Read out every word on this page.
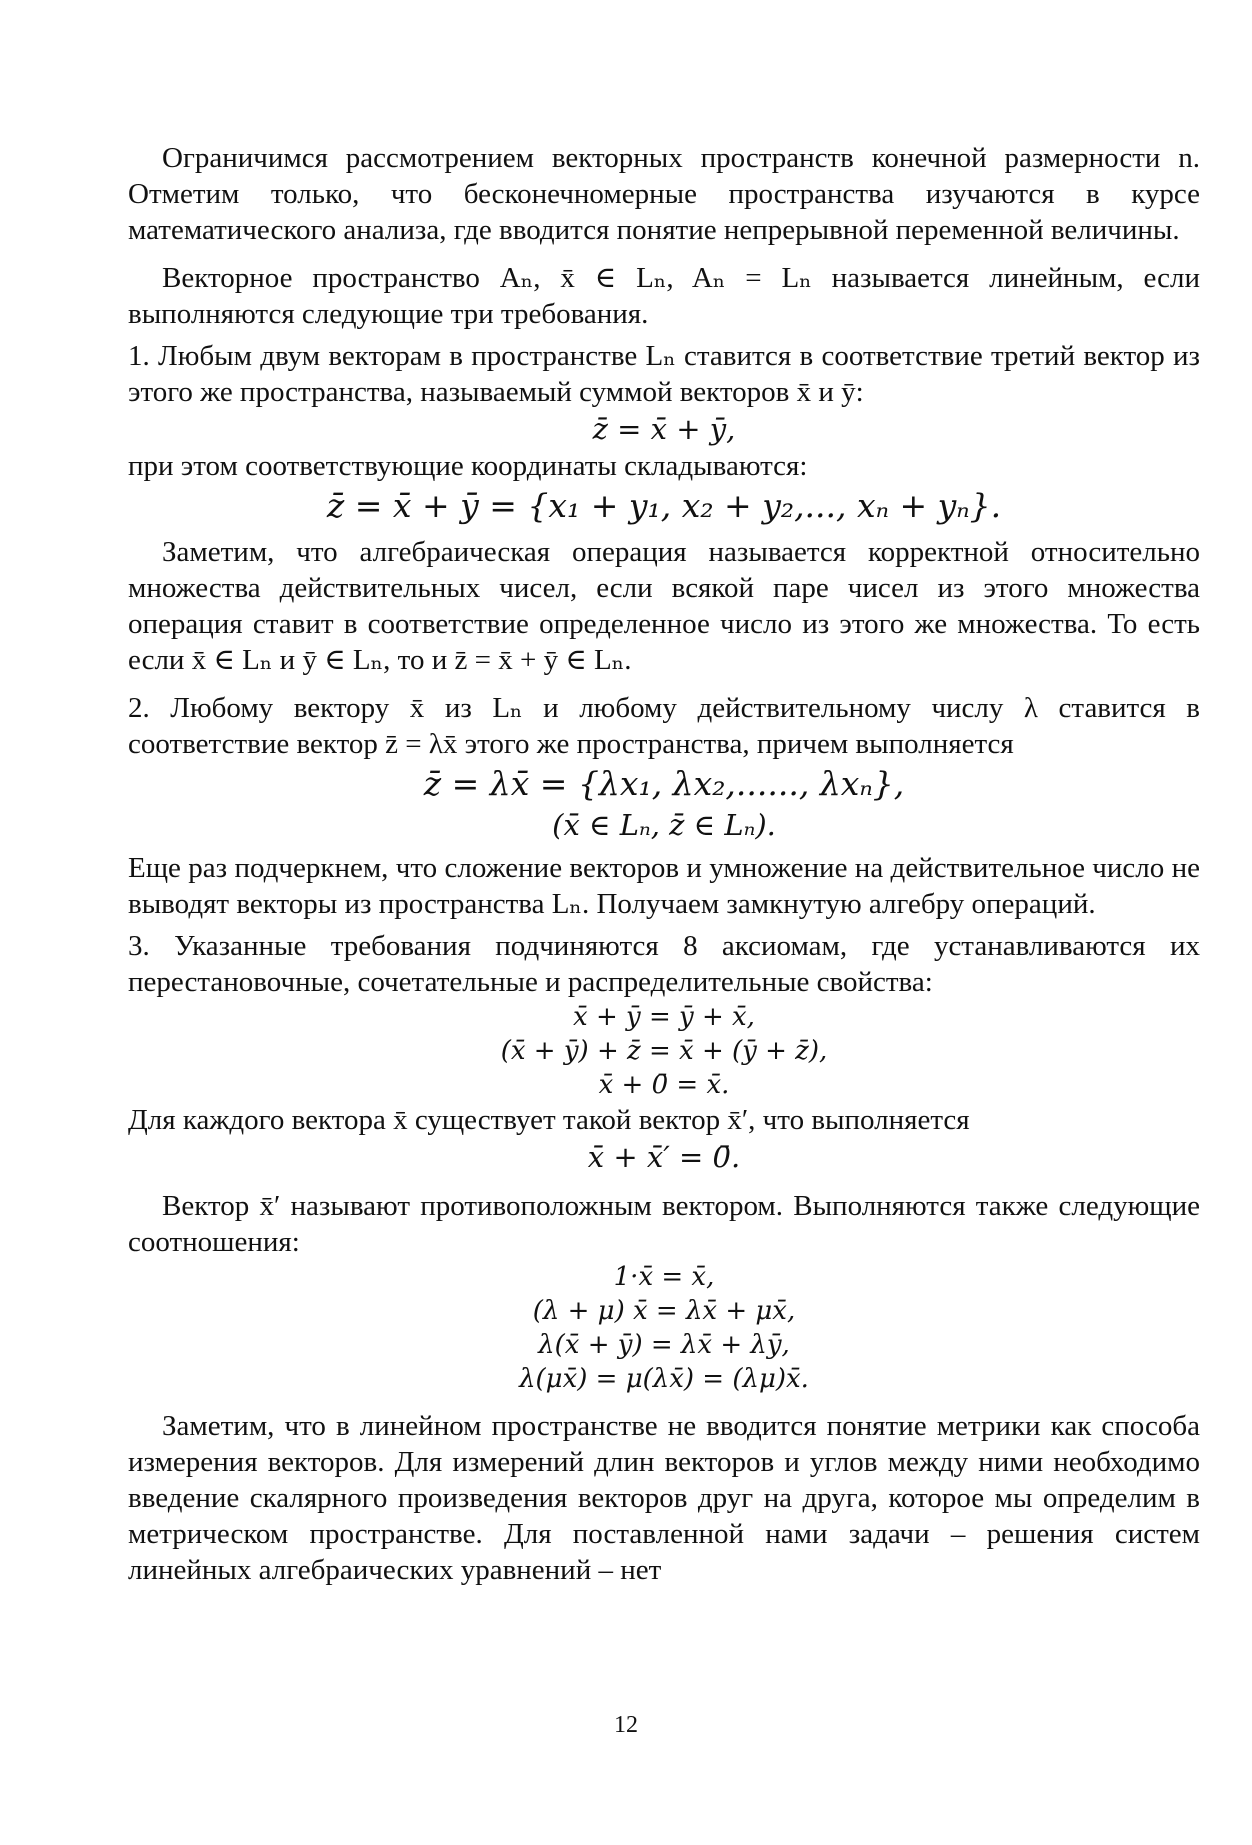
Ограничимся рассмотрением векторных пространств конечной размерности n. Отметим только, что бесконечномерные пространства изучаются в курсе математического анализа, где вводится понятие непрерывной переменной величины.

Векторное пространство Aₙ, x̄ ∈ Lₙ, Aₙ = Lₙ называется линейным, если выполняются следующие три требования.

1. Любым двум векторам в пространстве Lₙ ставится в соответствие третий вектор из этого же пространства, называемый суммой векторов x̄ и ȳ:

z̄ = x̄ + ȳ,

при этом соответствующие координаты складываются:

z̄ = x̄ + ȳ = {x₁ + y₁, x₂ + y₂,..., xₙ + yₙ}.

Заметим, что алгебраическая операция называется корректной относительно множества действительных чисел, если всякой паре чисел из этого множества операция ставит в соответствие определенное число из этого же множества. То есть если x̄ ∈ Lₙ и ȳ ∈ Lₙ, то и z̄ = x̄ + ȳ ∈ Lₙ.

2. Любому вектору x̄ из Lₙ и любому действительному числу λ ставится в соответствие вектор z̄ = λx̄ этого же пространства, причем выполняется

z̄ = λx̄ = {λx₁, λx₂,......, λxₙ},

(x̄ ∈ Lₙ, z̄ ∈ Lₙ).

Еще раз подчеркнем, что сложение векторов и умножение на действительное число не выводят векторы из пространства Lₙ. Получаем замкнутую алгебру операций.

3. Указанные требования подчиняются 8 аксиомам, где устанавливаются их перестановочные, сочетательные и распределительные свойства:

x̄ + ȳ = ȳ + x̄,

(x̄ + ȳ) + z̄ = x̄ + (ȳ + z̄),

x̄ + 0̄ = x̄.

Для каждого вектора x̄ существует такой вектор x̄′, что выполняется

x̄ + x̄′ = 0̄.

Вектор x̄′ называют противоположным вектором. Выполняются также следующие соотношения:

1·x̄ = x̄,

(λ + μ) x̄ = λx̄ + μx̄,

λ(x̄ + ȳ) = λx̄ + λȳ,

λ(μx̄) = μ(λx̄) = (λμ)x̄.

Заметим, что в линейном пространстве не вводится понятие метрики как способа измерения векторов. Для измерений длин векторов и углов между ними необходимо введение скалярного произведения векторов друг на друга, которое мы определим в метрическом пространстве. Для поставленной нами задачи – решения систем линейных алгебраических уравнений – нет

12
